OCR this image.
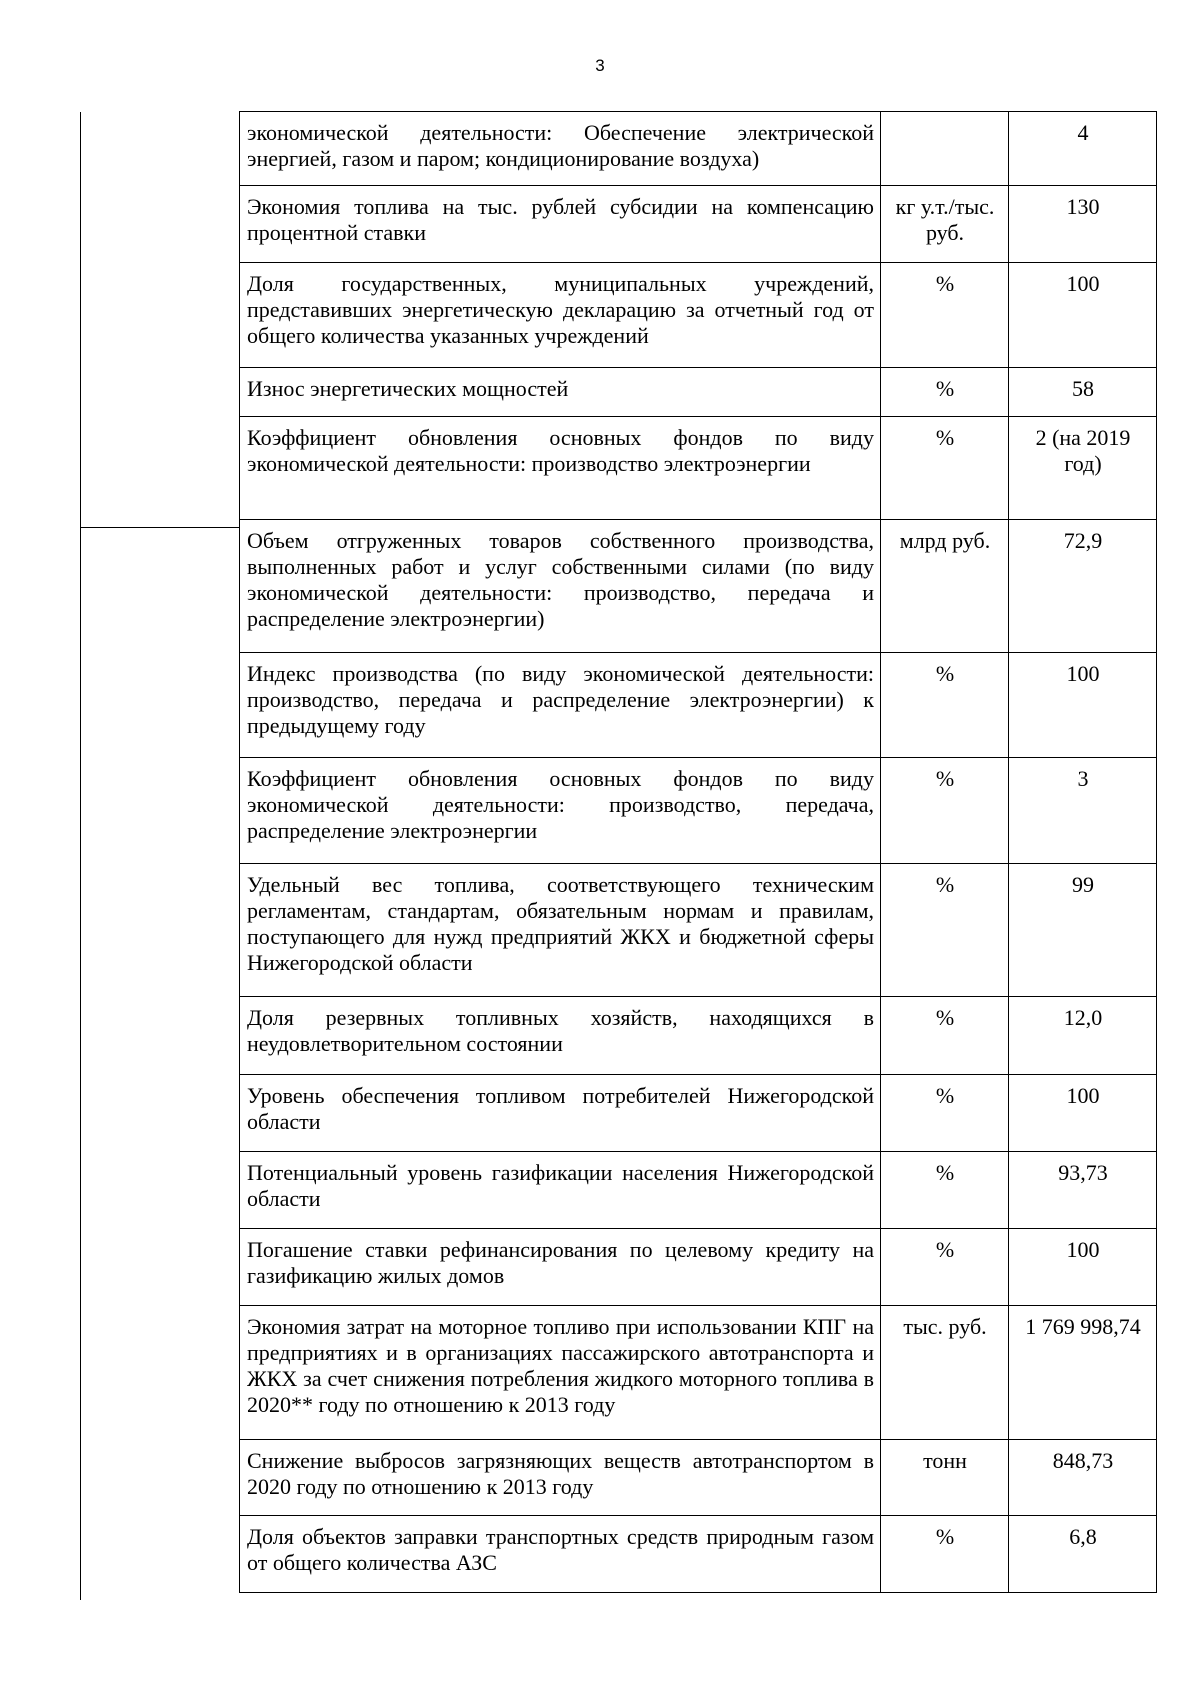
3
экономической деятельности: Обеспечение электрической энергией, газом и паром; кондиционирование воздуха)		4
Экономия топлива на тыс. рублей субсидии на компенсацию процентной ставки	кг у.т./тыс. руб.	130
Доля государственных, муниципальных учреждений, представивших энергетическую декларацию за отчетный год от общего количества указанных учреждений	%	100
Износ энергетических мощностей	%	58
Коэффициент обновления основных фондов по виду экономической деятельности: производство электроэнергии	%	2 (на 2019 год)
Объем отгруженных товаров собственного производства, выполненных работ и услуг собственными силами (по виду экономической деятельности: производство, передача и распределение электроэнергии)	млрд руб.	72,9
Индекс производства (по виду экономической деятельности: производство, передача и распределение электроэнергии) к предыдущему году	%	100
Коэффициент обновления основных фондов по виду экономической деятельности: производство, передача, распределение электроэнергии	%	3
Удельный вес топлива, соответствующего техническим регламентам, стандартам, обязательным нормам и правилам, поступающего для нужд предприятий ЖКХ и бюджетной сферы Нижегородской области	%	99
Доля резервных топливных хозяйств, находящихся в неудовлетворительном состоянии	%	12,0
Уровень обеспечения топливом потребителей Нижегородской области	%	100
Потенциальный уровень газификации населения Нижегородской области	%	93,73
Погашение ставки рефинансирования по целевому кредиту на газификацию жилых домов	%	100
Экономия затрат на моторное топливо при использовании КПГ на предприятиях и в организациях пассажирского автотранспорта и ЖКХ за счет снижения потребления жидкого моторного топлива в 2020** году по отношению к 2013 году	тыс. руб.	1 769 998,74
Снижение выбросов загрязняющих веществ автотранспортом в 2020 году по отношению к 2013 году	тонн	848,73
Доля объектов заправки транспортных средств природным газом от общего количества АЗС	%	6,8
